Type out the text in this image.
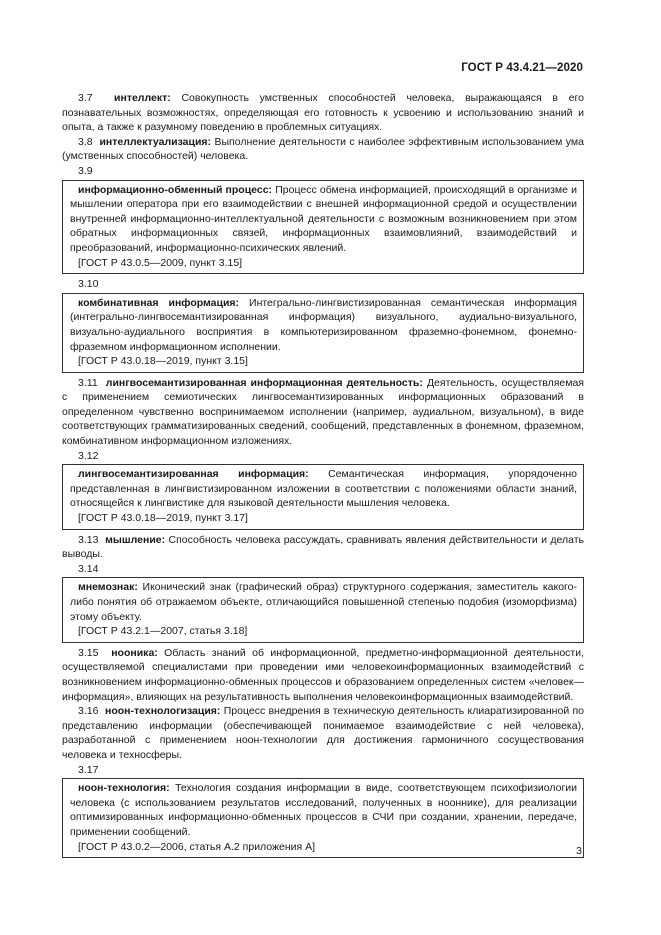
ГОСТ Р 43.4.21—2020

3.7 интеллект: Совокупность умственных способностей человека, выражающаяся в его познавательных возможностях, определяющая его готовность к усвоению и использованию знаний и опыта, а также к разумному поведению в проблемных ситуациях.

3.8 интеллектуализация: Выполнение деятельности с наиболее эффективным использованием ума (умственных способностей) человека.

3.9

информационно-обменный процесс: Процесс обмена информацией, происходящий в организме и мышлении оператора при его взаимодействии с внешней информационной средой и осуществлении внутренней информационно-интеллектуальной деятельности с возможным возникновением при этом обратных информационных связей, информационных взаимовлияний, взаимодействий и преобразований, информационно-психических явлений.

[ГОСТ Р 43.0.5—2009, пункт 3.15]

3.10

комбинативная информация: Интегрально-лингвистизированная семантическая информация (интегрально-лингвосемантизированная информация) визуального, аудиально-визуального, визуально-аудиального восприятия в компьютеризированном фраземно-фонемном, фонемно-фраземном информационном исполнении.

[ГОСТ Р 43.0.18—2019, пункт 3.15]

3.11 лингвосемантизированная информационная деятельность: Деятельность, осуществляемая с применением семиотических лингвосемантизированных информационных образований в определенном чувственно воспринимаемом исполнении (например, аудиальном, визуальном), в виде соответствующих грамматизированных сведений, сообщений, представленных в фонемном, фраземном, комбинативном информационном изложениях.

3.12

лингвосемантизированная информация: Семантическая информация, упорядоченно представленная в лингвистизированном изложении в соответствии с положениями области знаний, относящейся к лингвистике для языковой деятельности мышления человека.

[ГОСТ Р 43.0.18—2019, пункт 3.17]

3.13 мышление: Способность человека рассуждать, сравнивать явления действительности и делать выводы.

3.14

мнемознак: Иконический знак (графический образ) структурного содержания, заместитель какого-либо понятия об отражаемом объекте, отличающийся повышенной степенью подобия (изоморфизма) этому объекту.

[ГОСТ Р 43.2.1—2007, статья 3.18]

3.15 нооника: Область знаний об информационной, предметно-информационной деятельности, осуществляемой специалистами при проведении ими человекоинформационных взаимодействий с возникновением информационно-обменных процессов и образованием определенных систем «человек—информация», влияющих на результативность выполнения человекоинформационных взаимодействий.

3.16 ноон-технологизация: Процесс внедрения в техническую деятельность клиаратизированной по представлению информации (обеспечивающей понимаемое взаимодействие с ней человека), разработанной с применением ноон-технологии для достижения гармоничного сосуществования человека и техносферы.

3.17

ноон-технология: Технология создания информации в виде, соответствующем психофизиологии человека (с использованием результатов исследований, полученных в нооннике), для реализации оптимизированных информационно-обменных процессов в СЧИ при создании, хранении, передаче, применении сообщений.

[ГОСТ Р 43.0.2—2006, статья А.2 приложения А]	3
